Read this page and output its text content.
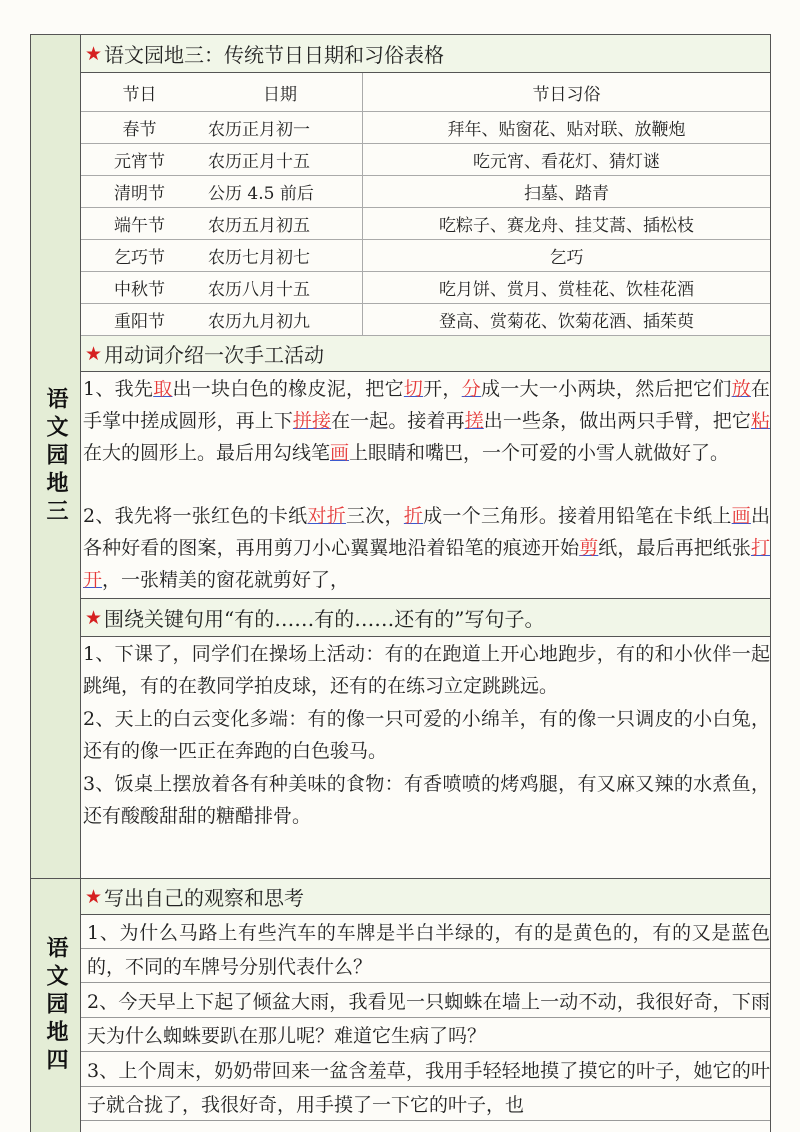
语文园地三
★ 语文园地三：传统节日日期和习俗表格
节日	日期	节日习俗
春节	农历正月初一	拜年、贴窗花、贴对联、放鞭炮
元宵节	农历正月十五	吃元宵、看花灯、猜灯谜
清明节	公历 4.5 前后	扫墓、踏青
端午节	农历五月初五	吃粽子、赛龙舟、挂艾蒿、插松枝
乞巧节	农历七月初七	乞巧
中秋节	农历八月十五	吃月饼、赏月、赏桂花、饮桂花酒
重阳节	农历九月初九	登高、赏菊花、饮菊花酒、插茱萸
★ 用动词介绍一次手工活动
1、我先取出一块白色的橡皮泥，把它切开，分成一大一小两块，然后把它们放在手掌中搓成圆形，再上下拼接在一起。接着再搓出一些条，做出两只手臂，把它粘在大的圆形上。最后用勾线笔画上眼睛和嘴巴，一个可爱的小雪人就做好了。
2、我先将一张红色的卡纸对折三次，折成一个三角形。接着用铅笔在卡纸上画出各种好看的图案，再用剪刀小心翼翼地沿着铅笔的痕迹开始剪纸，最后再把纸张打开，一张精美的窗花就剪好了，
★ 围绕关键句用“有的……有的……还有的”写句子。
1、下课了，同学们在操场上活动：有的在跑道上开心地跑步，有的和小伙伴一起跳绳，有的在教同学拍皮球，还有的在练习立定跳跳远。
2、天上的白云变化多端：有的像一只可爱的小绵羊，有的像一只调皮的小白兔，还有的像一匹正在奔跑的白色骏马。
3、饭桌上摆放着各有种美味的食物：有香喷喷的烤鸡腿，有又麻又辣的水煮鱼，还有酸酸甜甜的糖醋排骨。
语文园地四
★ 写出自己的观察和思考
1、为什么马路上有些汽车的车牌是半白半绿的，有的是黄色的，有的又是蓝色的，不同的车牌号分别代表什么？
2、今天早上下起了倾盆大雨，我看见一只蜘蛛在墙上一动不动，我很好奇，下雨天为什么蜘蛛要趴在那儿呢？难道它生病了吗？
3、上个周末，奶奶带回来一盆含羞草，我用手轻轻地摸了摸它的叶子，她它的叶子就合拢了，我很好奇，用手摸了一下它的叶子，也
